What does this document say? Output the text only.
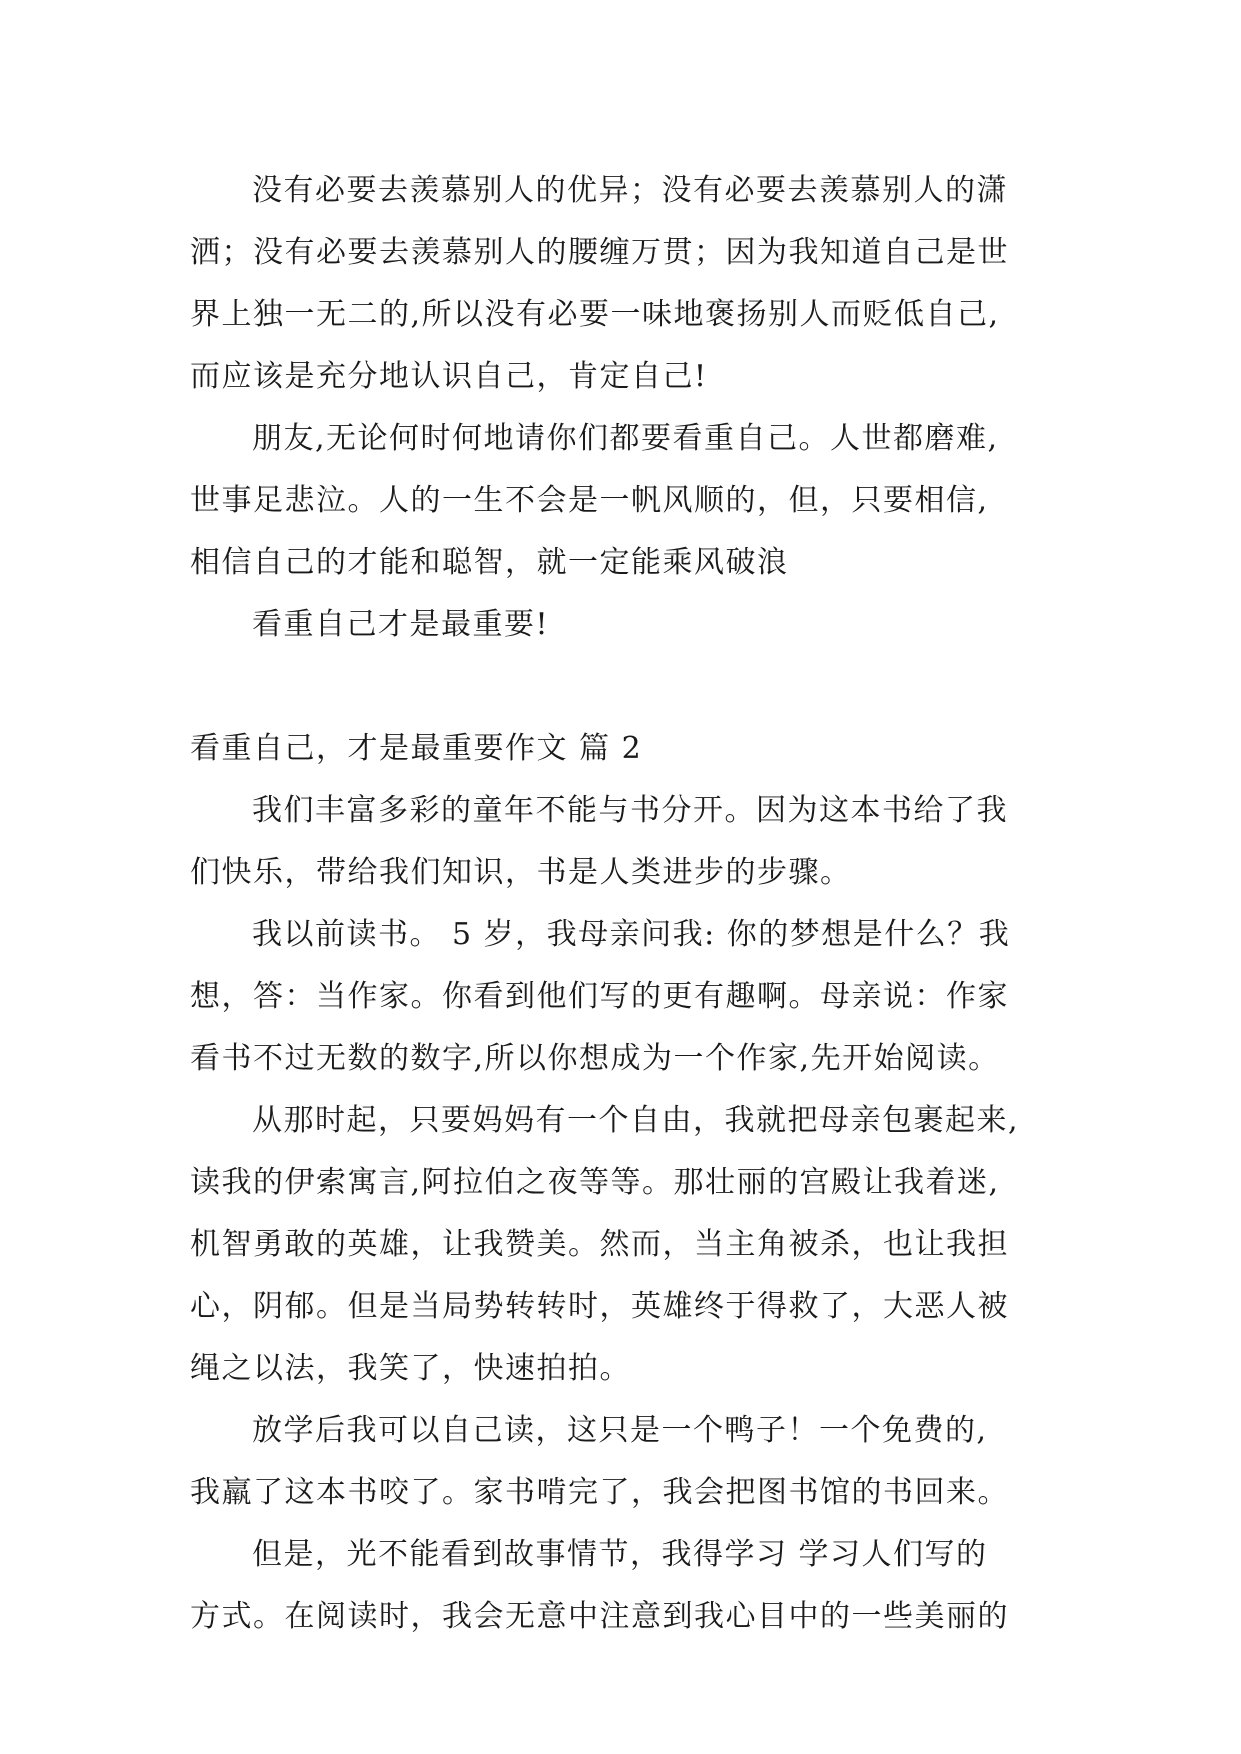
没有必要去羡慕别人的优异；没有必要去羡慕别人的潇
洒；没有必要去羡慕别人的腰缠万贯；因为我知道自己是世
界上独一无二的,所以没有必要一味地褒扬别人而贬低自己,
而应该是充分地认识自己，肯定自己!
朋友,无论何时何地请你们都要看重自己。人世都磨难,
世事足悲泣。人的一生不会是一帆风顺的，但，只要相信,
相信自己的才能和聪智，就一定能乘风破浪
看重自己才是最重要!
看重自己，才是最重要作文 篇 2
我们丰富多彩的童年不能与书分开。因为这本书给了我
们快乐，带给我们知识，书是人类进步的步骤。
我以前读书。 5 岁，我母亲问我: 你的梦想是什么？我
想，答：当作家。你看到他们写的更有趣啊。母亲说：作家
看书不过无数的数字,所以你想成为一个作家,先开始阅读。
从那时起，只要妈妈有一个自由，我就把母亲包裹起来,
读我的伊索寓言,阿拉伯之夜等等。那壮丽的宫殿让我着迷,
机智勇敢的英雄，让我赞美。然而，当主角被杀，也让我担
心，阴郁。但是当局势转转时，英雄终于得救了，大恶人被
绳之以法，我笑了，快速拍拍。
放学后我可以自己读，这只是一个鸭子！一个免费的,
我羸了这本书咬了。家书啃完了，我会把图书馆的书回来。
但是，光不能看到故事情节，我得学习 学习人们写的
方式。在阅读时，我会无意中注意到我心目中的一些美丽的
